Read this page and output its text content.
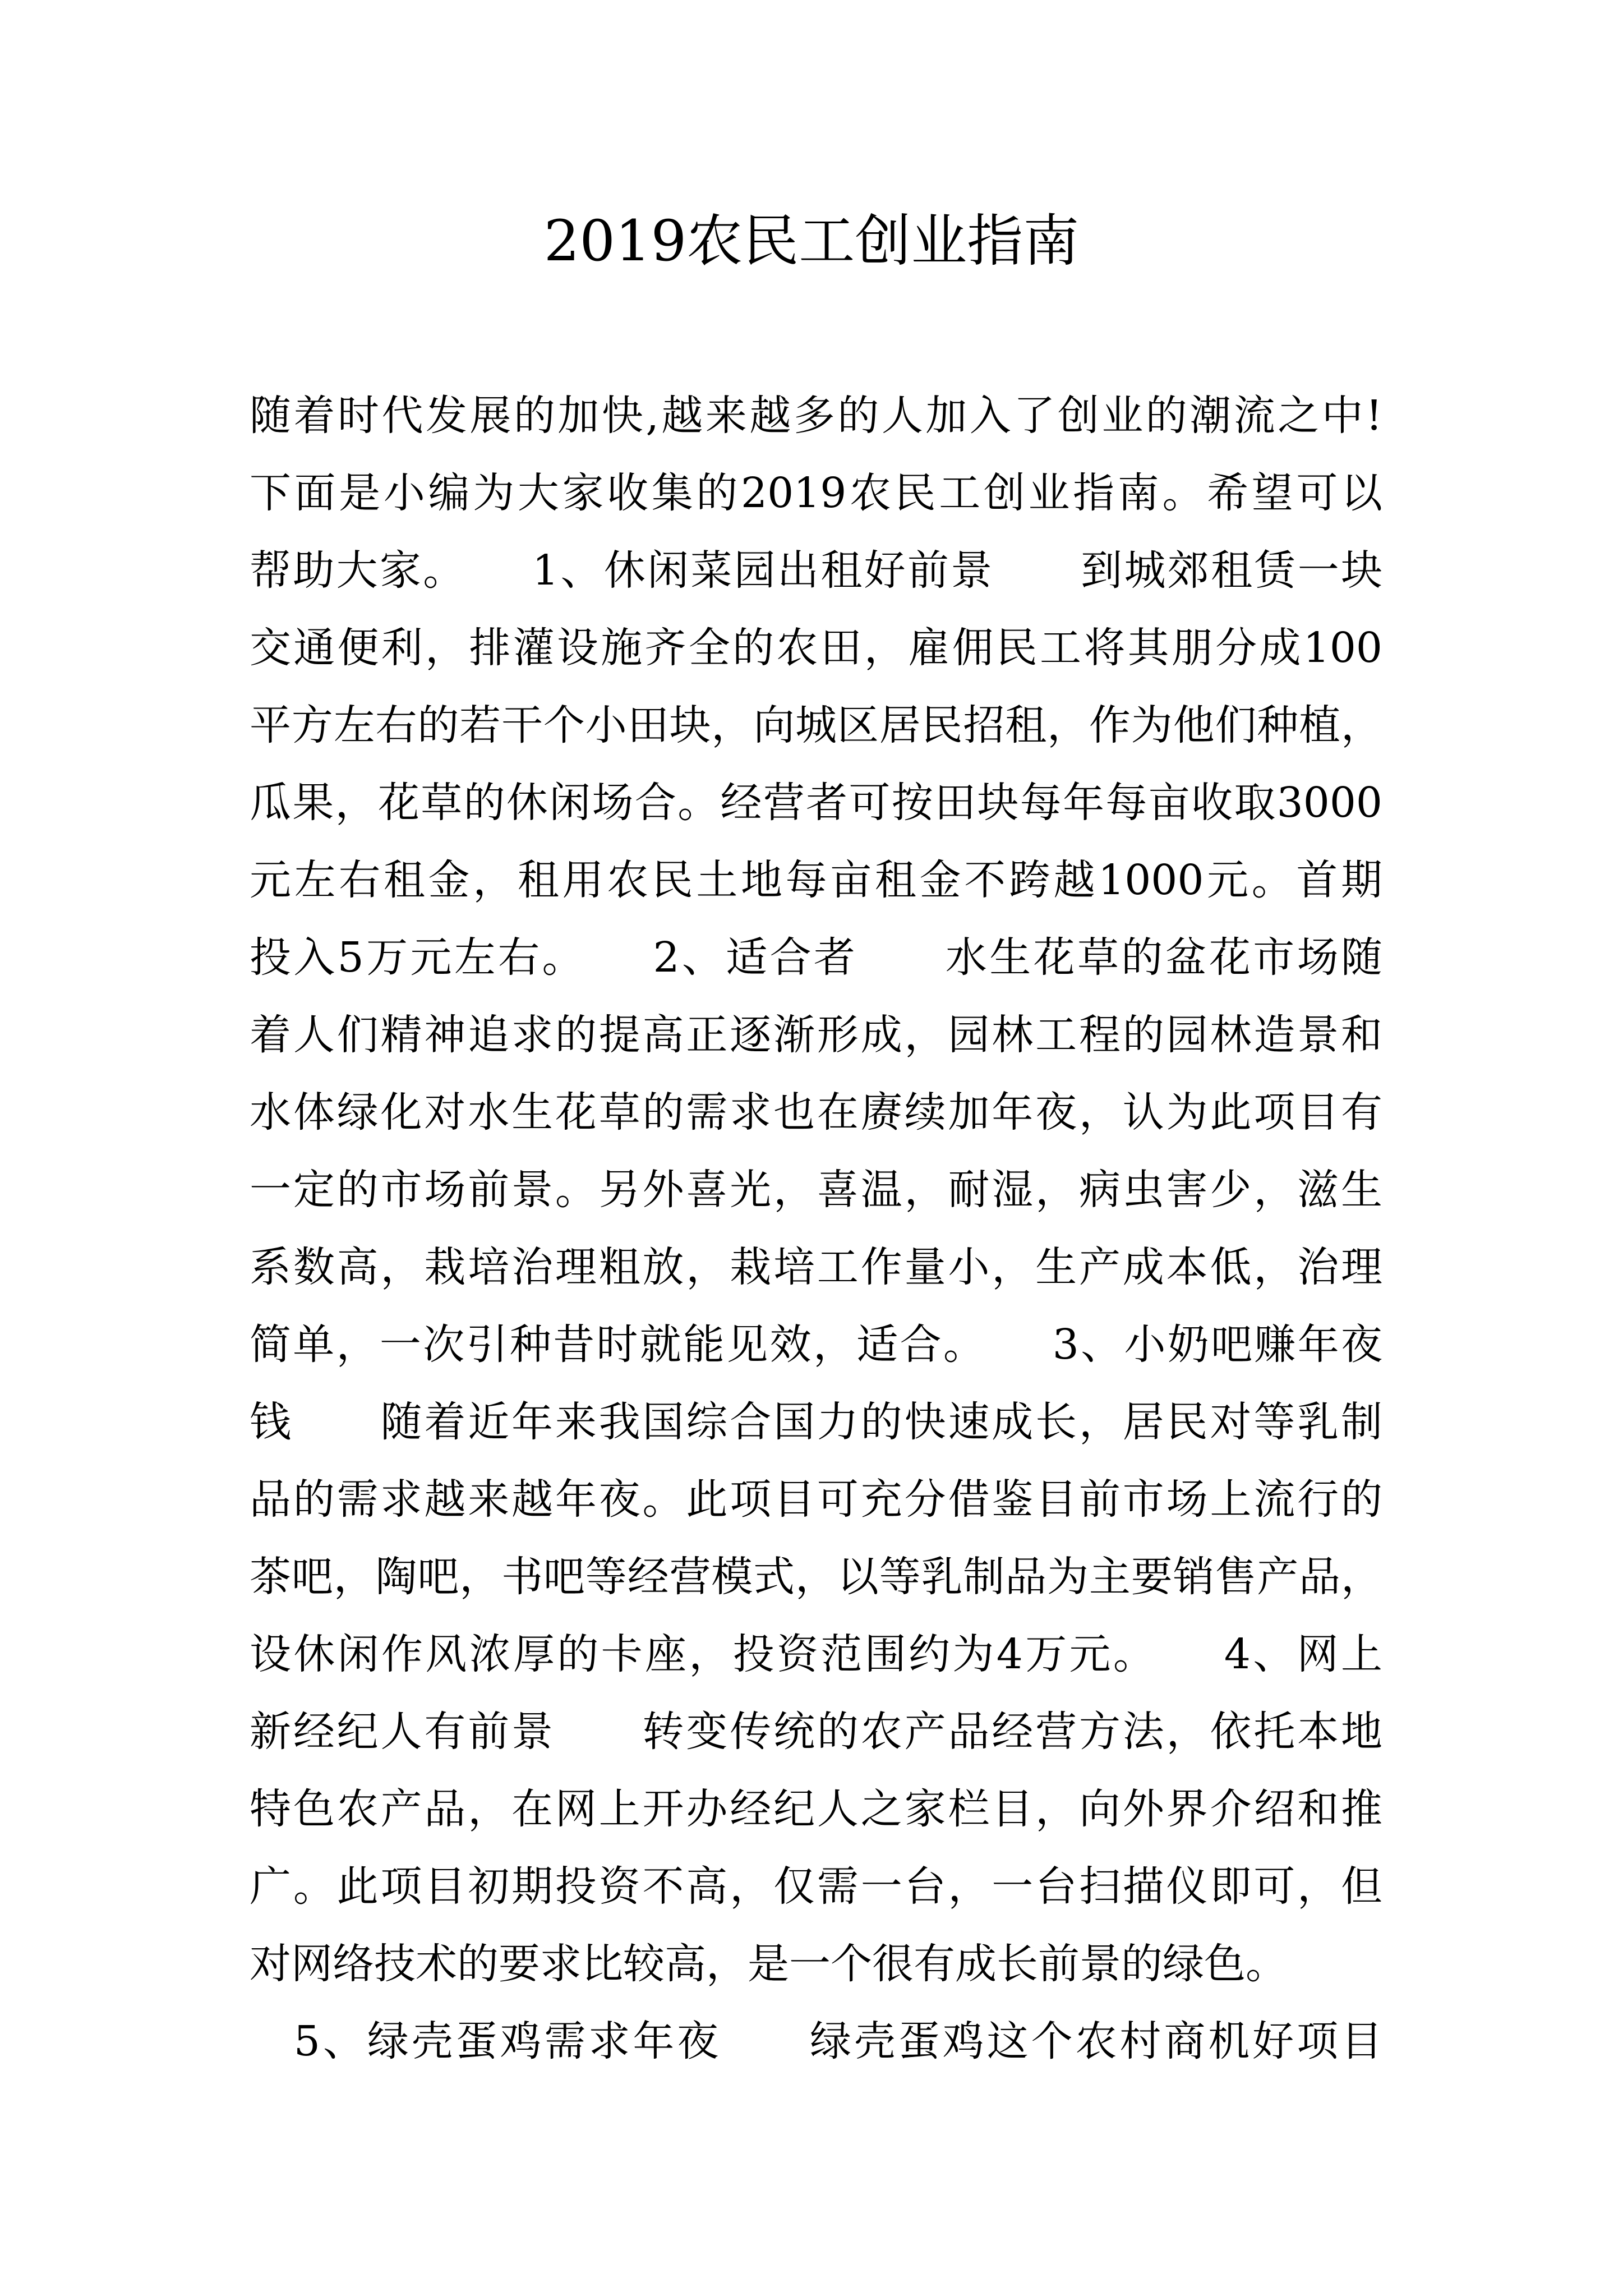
2019农民工创业指南
随着时代发展的加快,越来越多的人加入了创业的潮流之中!
下面是小编为大家收集的2019农民工创业指南。希望可以
帮助大家。　　1、休闲菜园出租好前景　　到城郊租赁一块
交通便利，排灌设施齐全的农田，雇佣民工将其朋分成100
平方左右的若干个小田块，向城区居民招租，作为他们种植，
瓜果，花草的休闲场合。经营者可按田块每年每亩收取3000
元左右租金，租用农民土地每亩租金不跨越1000元。首期
投入5万元左右。　　2、适合者　　水生花草的盆花市场随
着人们精神追求的提高正逐渐形成，园林工程的园林造景和
水体绿化对水生花草的需求也在赓续加年夜，认为此项目有
一定的市场前景。另外喜光，喜温，耐湿，病虫害少，滋生
系数高，栽培治理粗放，栽培工作量小，生产成本低，治理
简单，一次引种昔时就能见效，适合。　　3、小奶吧赚年夜
钱　　随着近年来我国综合国力的快速成长，居民对等乳制
品的需求越来越年夜。此项目可充分借鉴目前市场上流行的
茶吧，陶吧，书吧等经营模式，以等乳制品为主要销售产品，
设休闲作风浓厚的卡座，投资范围约为4万元。　　4、网上
新经纪人有前景　　转变传统的农产品经营方法，依托本地
特色农产品，在网上开办经纪人之家栏目，向外界介绍和推
广。此项目初期投资不高，仅需一台，一台扫描仪即可，但
对网络技术的要求比较高，是一个很有成长前景的绿色。
　5、绿壳蛋鸡需求年夜　　绿壳蛋鸡这个农村商机好项目
